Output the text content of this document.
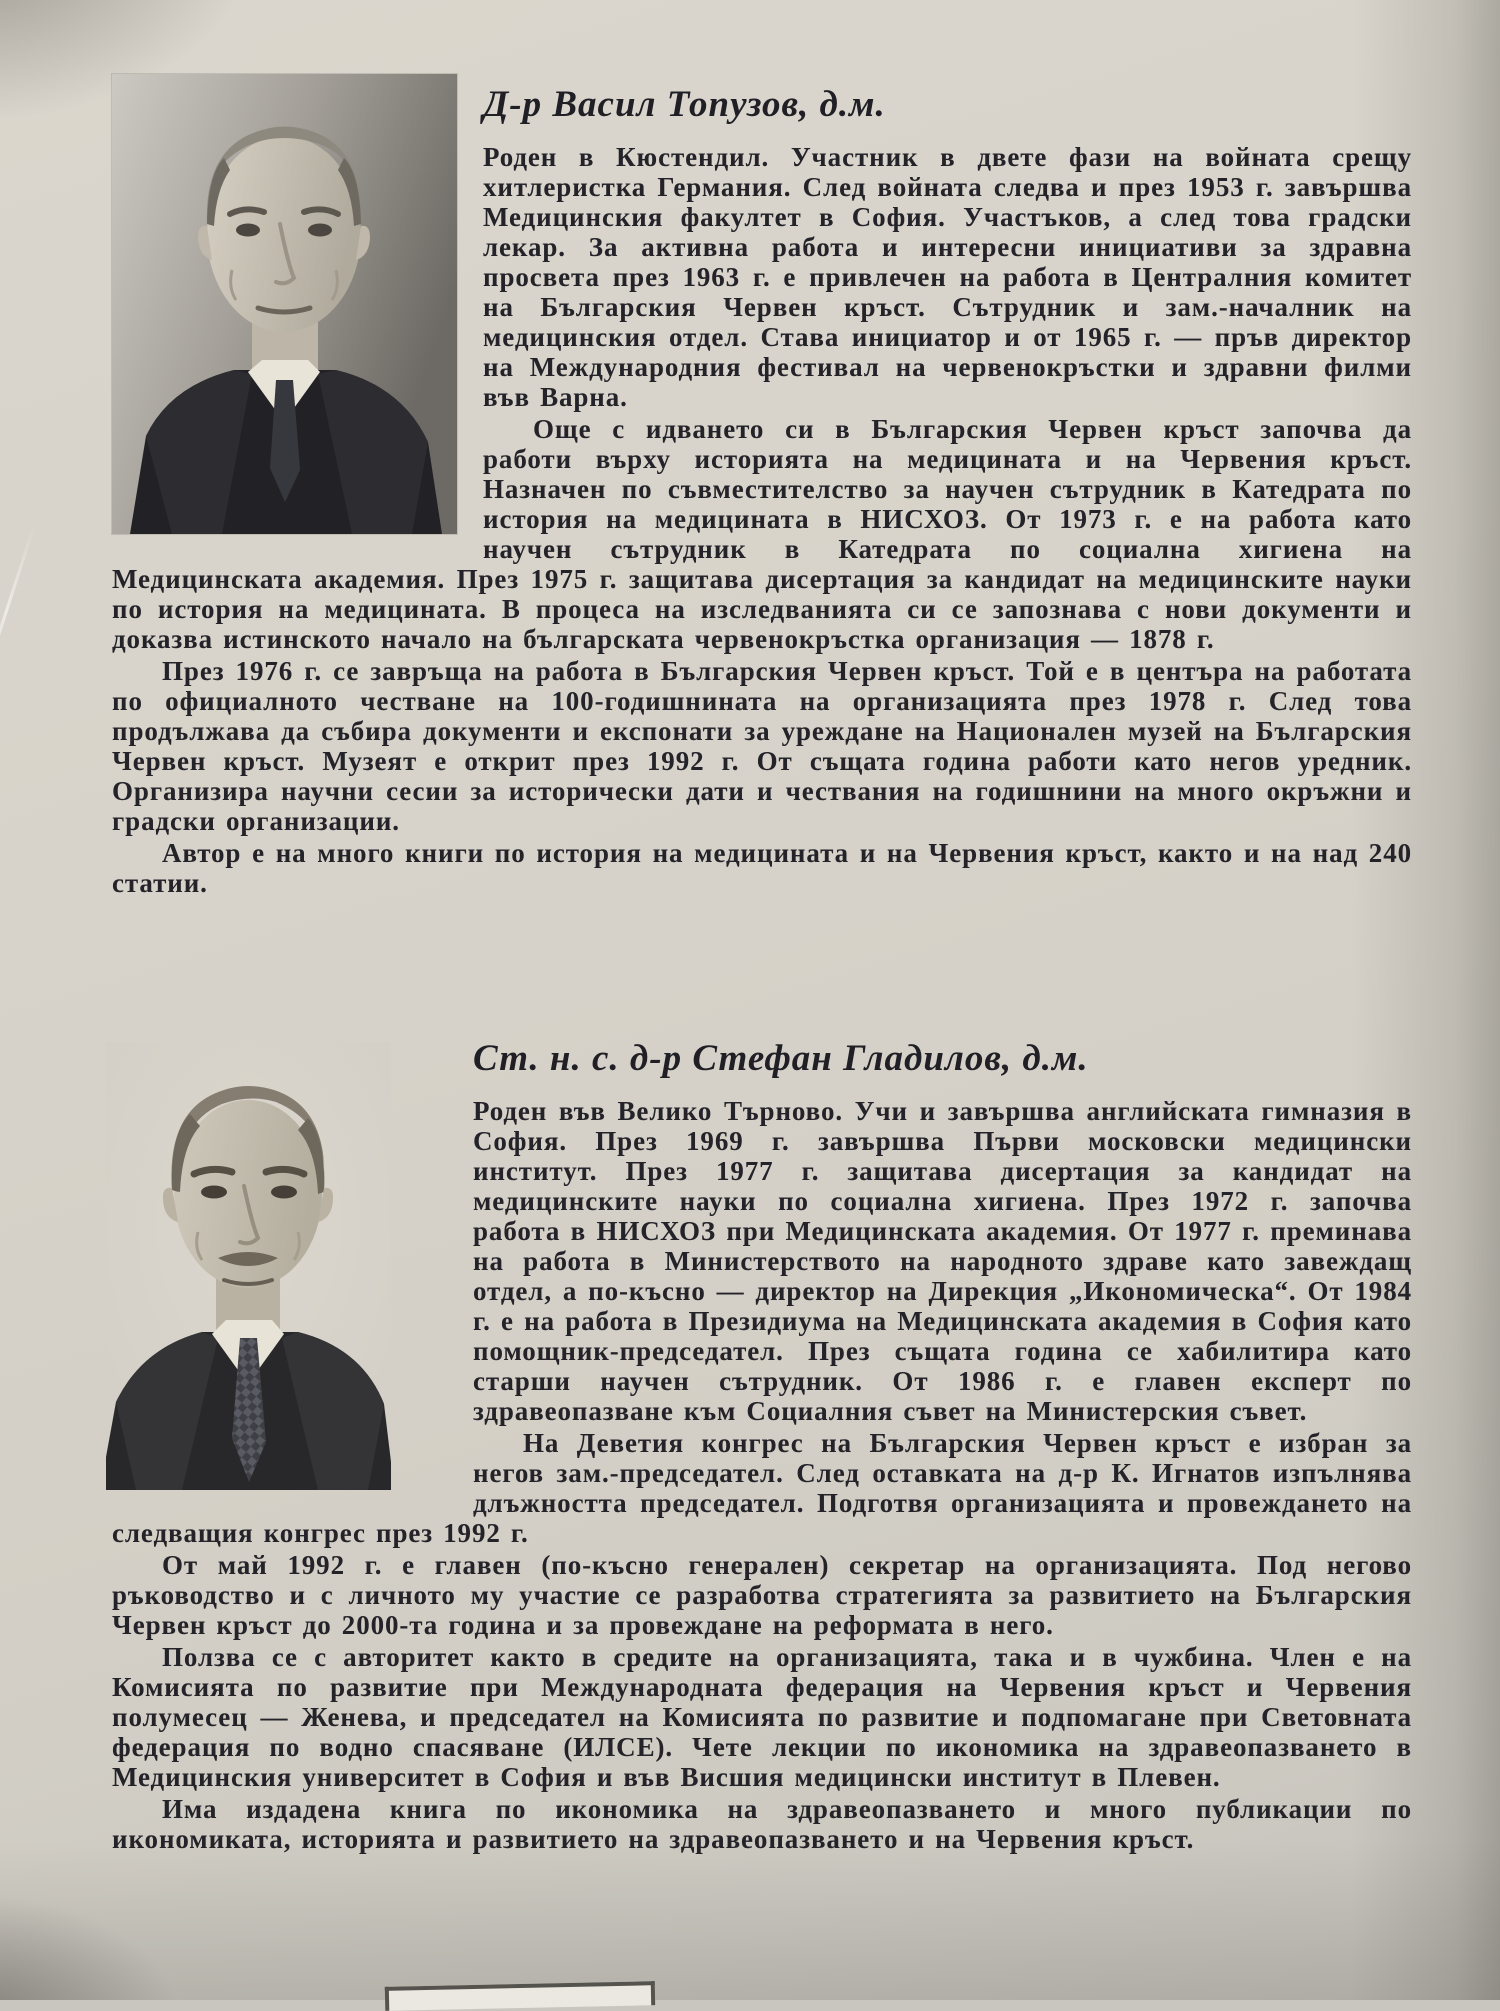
Д-р Васил Топузов, д.м.

Роден в Кюстендил. Участник в двете фази на войната срещу хитлеристка Германия. След войната следва и през 1953 г. завършва Медицинския факултет в София. Участъков, а след това градски лекар. За активна работа и интересни инициативи за здравна просвета през 1963 г. е привлечен на работа в Централния комитет на Българския Червен кръст. Сътрудник и зам.-началник на медицинския отдел. Става инициатор и от 1965 г. — пръв директор на Международния фестивал на червенокръстки и здравни филми във Варна.

Още с идването си в Българския Червен кръст започва да работи върху историята на медицината и на Червения кръст. Назначен по съвместителство за научен сътрудник в Катедрата по история на медицината в НИСХОЗ. От 1973 г. е на работа като научен сътрудник в Катедрата по социална хигиена на Медицинската академия. През 1975 г. защитава дисертация за кандидат на медицинските науки по история на медицината. В процеса на изследванията си се запознава с нови документи и доказва истинското начало на българската червенокръстка организация — 1878 г.

През 1976 г. се завръща на работа в Българския Червен кръст. Той е в центъра на работата по официалното честване на 100-годишнината на организацията през 1978 г. След това продължава да събира документи и експонати за уреждане на Национален музей на Българския Червен кръст. Музеят е открит през 1992 г. От същата година работи като негов уредник. Организира научни сесии за исторически дати и чествания на годишнини на много окръжни и градски организации.

Автор е на много книги по история на медицината и на Червения кръст, както и на над 240 статии.

Ст. н. с. д-р Стефан Гладилов, д.м.

Роден във Велико Търново. Учи и завършва английската гимназия в София. През 1969 г. завършва Първи московски медицински институт. През 1977 г. защитава дисертация за кандидат на медицинските науки по социална хигиена. През 1972 г. започва работа в НИСХОЗ при Медицинската академия. От 1977 г. преминава на работа в Министерството на народното здраве като завеждащ отдел, а по-късно — директор на Дирекция „Икономическа“. От 1984 г. е на работа в Президиума на Медицинската академия в София като помощник-председател. През същата година се хабилитира като старши научен сътрудник. От 1986 г. е главен експерт по здравеопазване към Социалния съвет на Министерския съвет.

На Деветия конгрес на Българския Червен кръст е избран за негов зам.-председател. След оставката на д-р К. Игнатов изпълнява длъжността председател. Подготвя организацията и провеждането на следващия конгрес през 1992 г.

От май 1992 г. е главен (по-късно генерален) секретар на организацията. Под негово ръководство и с личното му участие се разработва стратегията за развитието на Българския Червен кръст до 2000-та година и за провеждане на реформата в него.

Ползва се с авторитет както в средите на организацията, така и в чужбина. Член е на Комисията по развитие при Международната федерация на Червения кръст и Червения полумесец — Женева, и председател на Комисията по развитие и подпомагане при Световната федерация по водно спасяване (ИЛСЕ). Чете лекции по икономика на здравеопазването в Медицинския университет в София и във Висшия медицински институт в Плевен.

Има издадена книга по икономика на здравеопазването и много публикации по икономиката, историята и развитието на здравеопазването и на Червения кръст.
